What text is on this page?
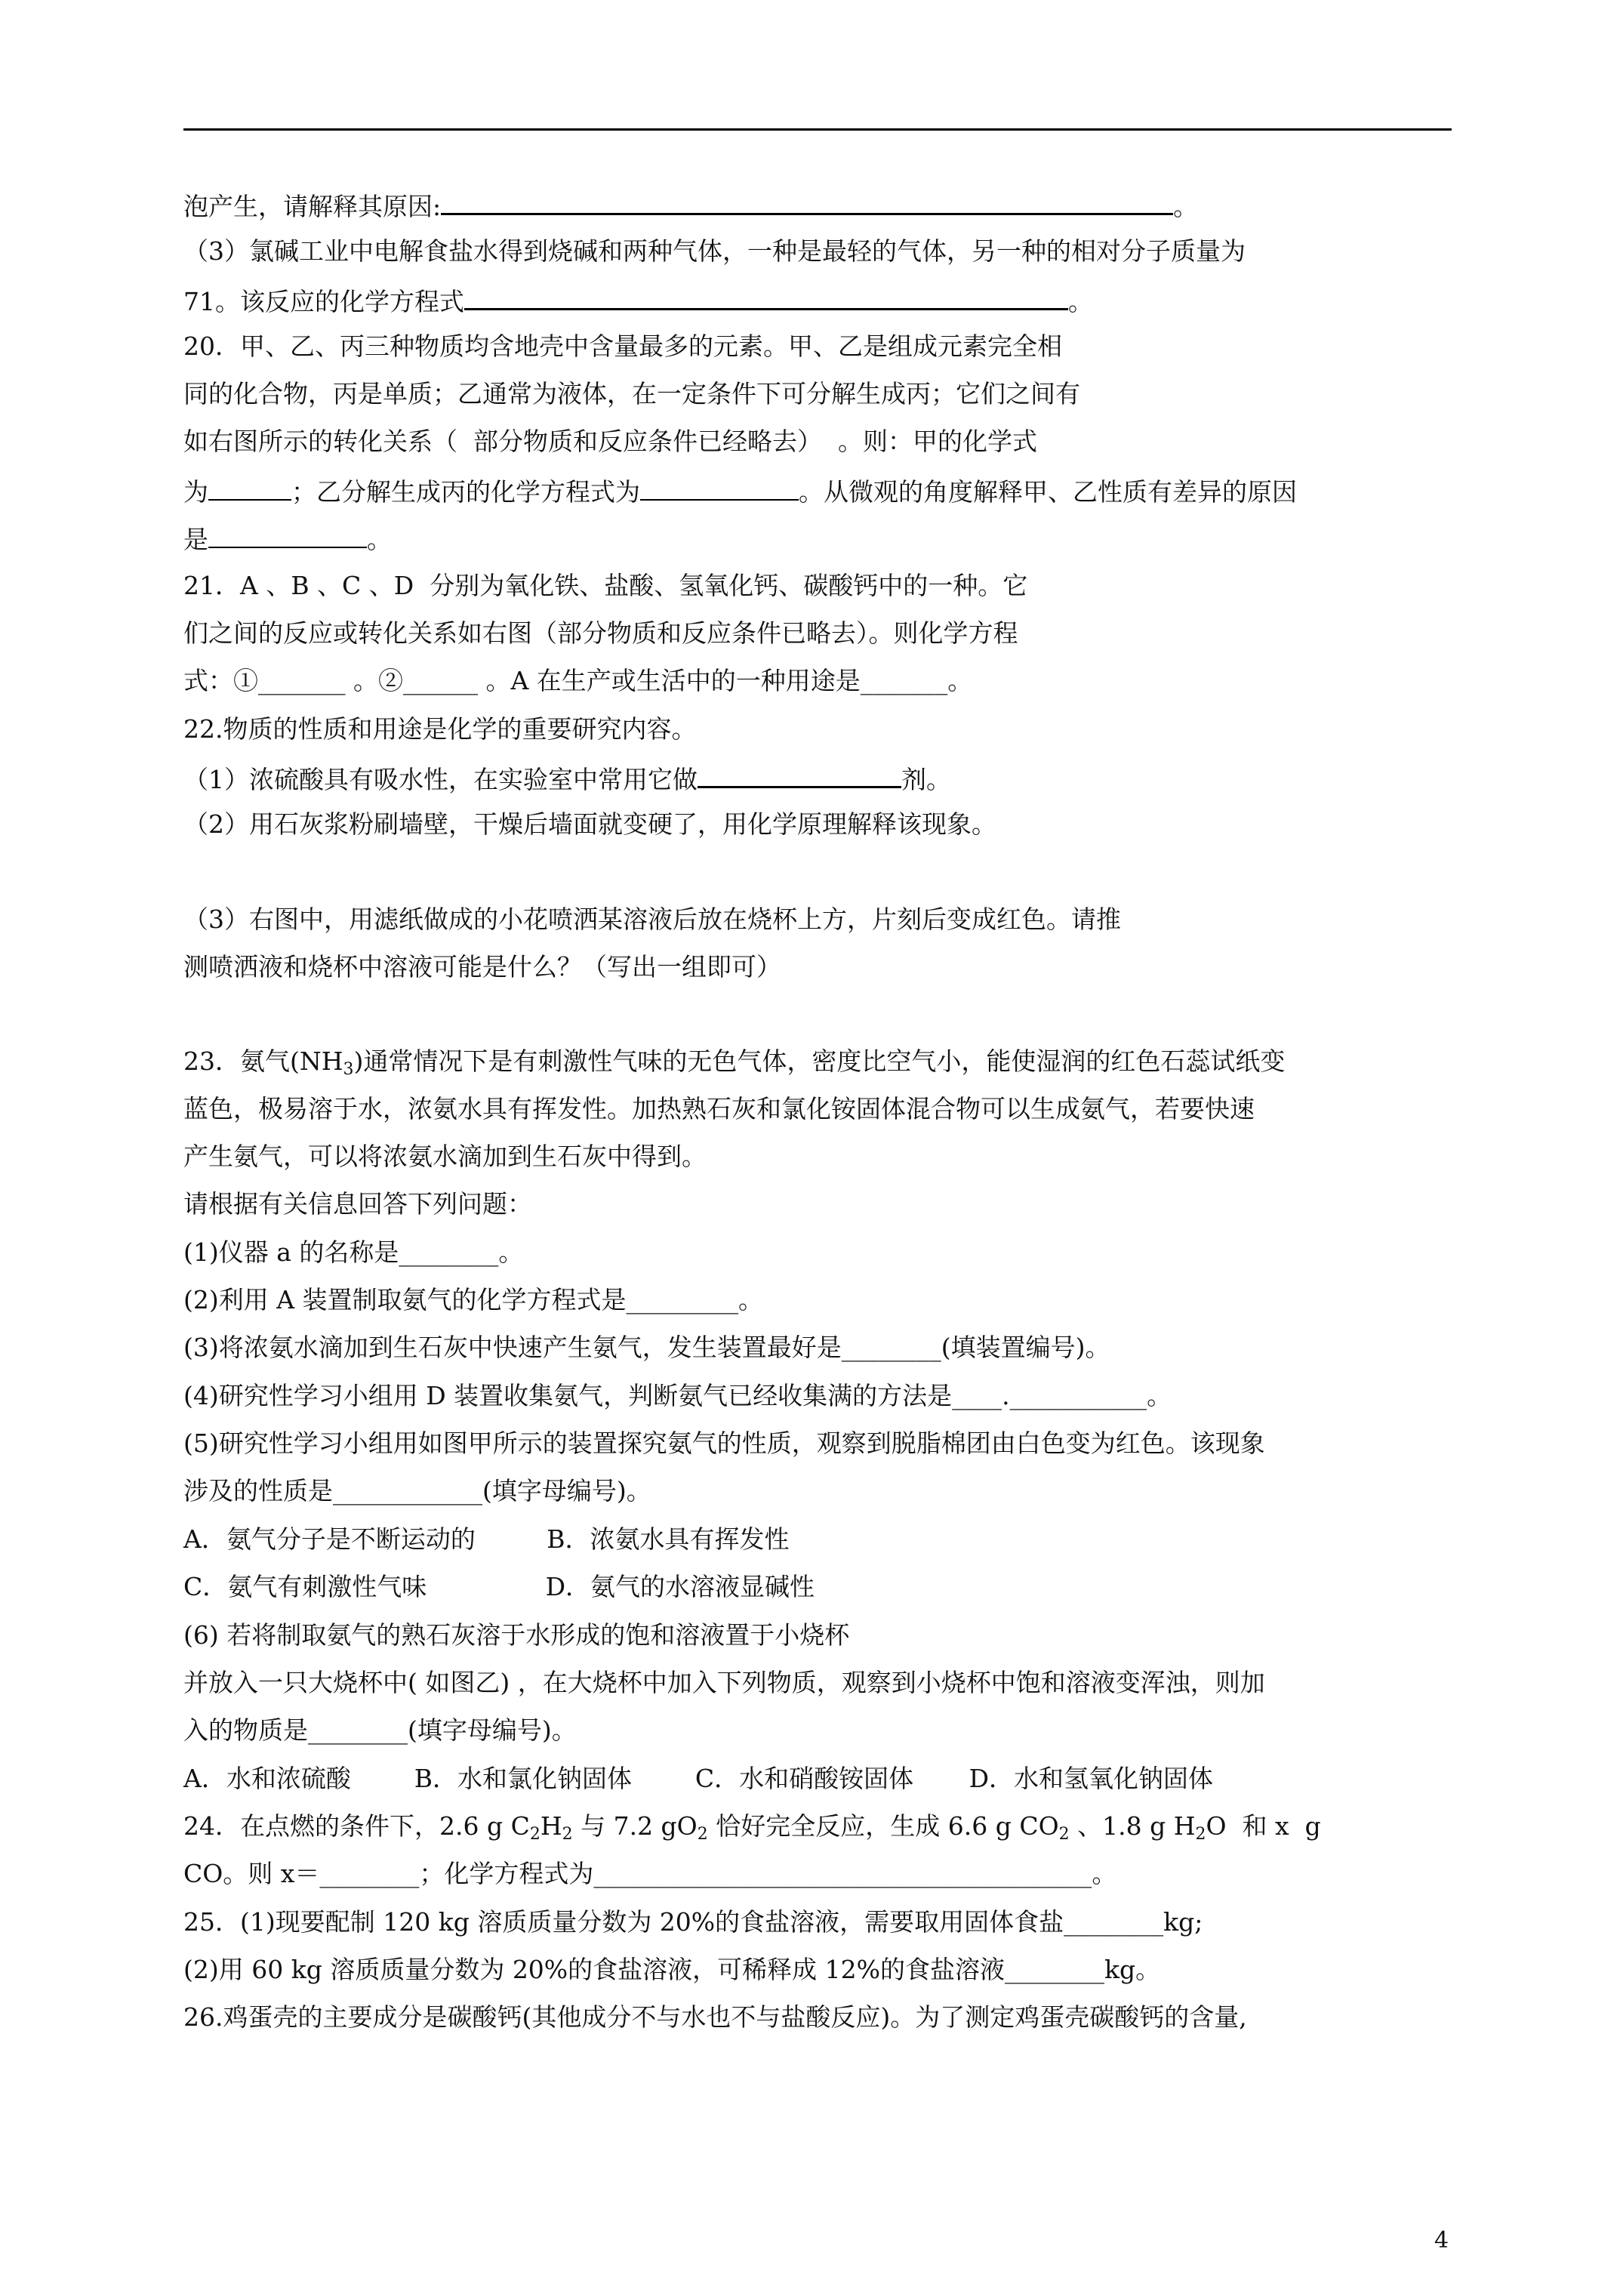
泡产生，请解释其原因:	。
（3）氯碱工业中电解食盐水得到烧碱和两种气体，一种是最轻的气体，另一种的相对分子质量为
71。该反应的化学方程式	。
20．甲、乙、丙三种物质均含地壳中含量最多的元素。甲、乙是组成元素完全相
同的化合物，丙是单质；乙通常为液体，在一定条件下可分解生成丙；它们之间有
如右图所示的转化关系（  部分物质和反应条件已经略去）  。则：甲的化学式
为	；乙分解生成丙的化学方程式为	。从微观的角度解释甲、乙性质有差异的原因
是	。
21．A 、B 、C 、D  分别为氧化铁、盐酸、氢氧化钙、碳酸钙中的一种。它
们之间的反应或转化关系如右图（部分物质和反应条件已略去）。则化学方程
式：①_______ 。②______ 。A 在生产或生活中的一种用途是_______。
22.物质的性质和用途是化学的重要研究内容。
（1）浓硫酸具有吸水性，在实验室中常用它做	剂。
（2）用石灰浆粉刷墙壁，干燥后墙面就变硬了，用化学原理解释该现象。
（3）右图中，用滤纸做成的小花喷洒某溶液后放在烧杯上方，片刻后变成红色。请推
测喷洒液和烧杯中溶液可能是什么？（写出一组即可）
23．氨气$(NH_3)$通常情况下是有刺激性气味的无色气体，密度比空气小，能使湿润的红色石蕊试纸变
蓝色，极易溶于水，浓氨水具有挥发性。加热熟石灰和氯化铵固体混合物可以生成氨气，若要快速
产生氨气，可以将浓氨水滴加到生石灰中得到。
请根据有关信息回答下列问题：
(1)仪器 a 的名称是________。
(2)利用 A 装置制取氨气的化学方程式是_________。
(3)将浓氨水滴加到生石灰中快速产生氨气，发生装置最好是________(填装置编号)。
(4)研究性学习小组用 D 装置收集氨气，判断氨气已经收集满的方法是____.___________。
(5)研究性学习小组用如图甲所示的装置探究氨气的性质，观察到脱脂棉团由白色变为红色。该现象
涉及的性质是____________(填字母编号)。
A．氨气分子是不断运动的         B．浓氨水具有挥发性
C．氨气有刺激性气味               D．氨气的水溶液显碱性
(6) 若将制取氨气的熟石灰溶于水形成的饱和溶液置于小烧杯
并放入一只大烧杯中( 如图乙) ，在大烧杯中加入下列物质，观察到小烧杯中饱和溶液变浑浊，则加
入的物质是________(填字母编号)。
A．水和浓硫酸        B．水和氯化钠固体        C．水和硝酸铵固体       D．水和氢氧化钠固体
24．在点燃的条件下，2.6 g $C_2H_2$ 与 7.2 $gO_2$ 恰好完全反应，生成 6.6 g $CO_2$ 、1.8 g $H_2O$  和 x  g
CO。则 x＝________；化学方程式为________________________________________。
25．(1)现要配制 120 kg 溶质质量分数为 20%的食盐溶液，需要取用固体食盐________kg;
(2)用 60 kg 溶质质量分数为 20%的食盐溶液，可稀释成 12%的食盐溶液________kg。
26.鸡蛋壳的主要成分是碳酸钙(其他成分不与水也不与盐酸反应)。为了测定鸡蛋壳碳酸钙的含量,
4
